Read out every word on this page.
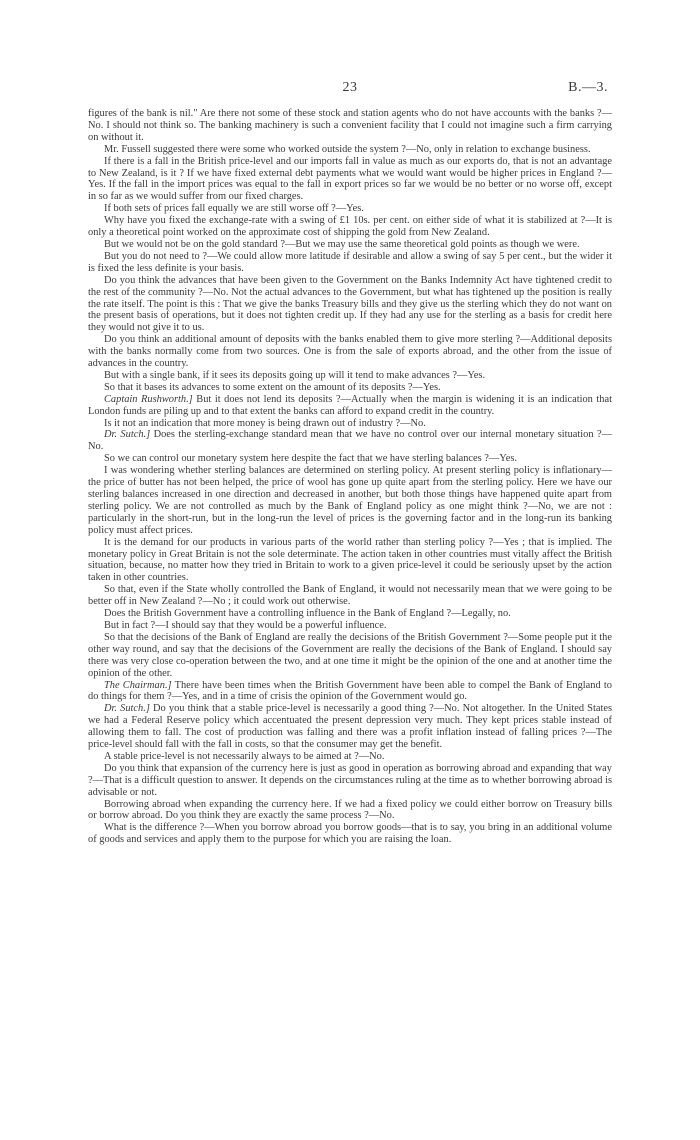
23	B.—3.

figures of the bank is nil." Are there not some of these stock and station agents who do not have accounts with the banks ?—No. I should not think so. The banking machinery is such a convenient facility that I could not imagine such a firm carrying on without it.

Mr. Fussell suggested there were some who worked outside the system ?—No, only in relation to exchange business.

If there is a fall in the British price-level and our imports fall in value as much as our exports do, that is not an advantage to New Zealand, is it ? If we have fixed external debt payments what we would want would be higher prices in England ?—Yes. If the fall in the import prices was equal to the fall in export prices so far we would be no better or no worse off, except in so far as we would suffer from our fixed charges.

If both sets of prices fall equally we are still worse off ?—Yes.

Why have you fixed the exchange-rate with a swing of £1 10s. per cent. on either side of what it is stabilized at ?—It is only a theoretical point worked on the approximate cost of shipping the gold from New Zealand.

But we would not be on the gold standard ?—But we may use the same theoretical gold points as though we were.

But you do not need to ?—We could allow more latitude if desirable and allow a swing of say 5 per cent., but the wider it is fixed the less definite is your basis.

Do you think the advances that have been given to the Government on the Banks Indemnity Act have tightened credit to the rest of the community ?—No. Not the actual advances to the Government, but what has tightened up the position is really the rate itself. The point is this : That we give the banks Treasury bills and they give us the sterling which they do not want on the present basis of operations, but it does not tighten credit up. If they had any use for the sterling as a basis for credit here they would not give it to us.

Do you think an additional amount of deposits with the banks enabled them to give more sterling ?—Additional deposits with the banks normally come from two sources. One is from the sale of exports abroad, and the other from the issue of advances in the country.

But with a single bank, if it sees its deposits going up will it tend to make advances ?—Yes.

So that it bases its advances to some extent on the amount of its deposits ?—Yes.

Captain Rushworth.] But it does not lend its deposits ?—Actually when the margin is widening it is an indication that London funds are piling up and to that extent the banks can afford to expand credit in the country.

Is it not an indication that more money is being drawn out of industry ?—No.

Dr. Sutch.] Does the sterling-exchange standard mean that we have no control over our internal monetary situation ?—No.

So we can control our monetary system here despite the fact that we have sterling balances ?—Yes.

I was wondering whether sterling balances are determined on sterling policy. At present sterling policy is inflationary—the price of butter has not been helped, the price of wool has gone up quite apart from the sterling policy. Here we have our sterling balances increased in one direction and decreased in another, but both those things have happened quite apart from sterling policy. We are not controlled as much by the Bank of England policy as one might think ?—No, we are not : particularly in the short-run, but in the long-run the level of prices is the governing factor and in the long-run its banking policy must affect prices.

It is the demand for our products in various parts of the world rather than sterling policy ?—Yes ; that is implied. The monetary policy in Great Britain is not the sole determinate. The action taken in other countries must vitally affect the British situation, because, no matter how they tried in Britain to work to a given price-level it could be seriously upset by the action taken in other countries.

So that, even if the State wholly controlled the Bank of England, it would not necessarily mean that we were going to be better off in New Zealand ?—No ; it could work out otherwise.

Does the British Government have a controlling influence in the Bank of England ?—Legally, no.

But in fact ?—I should say that they would be a powerful influence.

So that the decisions of the Bank of England are really the decisions of the British Government ?—Some people put it the other way round, and say that the decisions of the Government are really the decisions of the Bank of England. I should say there was very close co-operation between the two, and at one time it might be the opinion of the one and at another time the opinion of the other.

The Chairman.] There have been times when the British Government have been able to compel the Bank of England to do things for them ?—Yes, and in a time of crisis the opinion of the Government would go.

Dr. Sutch.] Do you think that a stable price-level is necessarily a good thing ?—No. Not altogether. In the United States we had a Federal Reserve policy which accentuated the present depression very much. They kept prices stable instead of allowing them to fall. The cost of production was falling and there was a profit inflation instead of falling prices ?—The price-level should fall with the fall in costs, so that the consumer may get the benefit.

A stable price-level is not necessarily always to be aimed at ?—No.

Do you think that expansion of the currency here is just as good in operation as borrowing abroad and expanding that way ?—That is a difficult question to answer. It depends on the circumstances ruling at the time as to whether borrowing abroad is advisable or not.

Borrowing abroad when expanding the currency here. If we had a fixed policy we could either borrow on Treasury bills or borrow abroad. Do you think they are exactly the same process ?—No.

What is the difference ?—When you borrow abroad you borrow goods—that is to say, you bring in an additional volume of goods and services and apply them to the purpose for which you are raising the loan.
